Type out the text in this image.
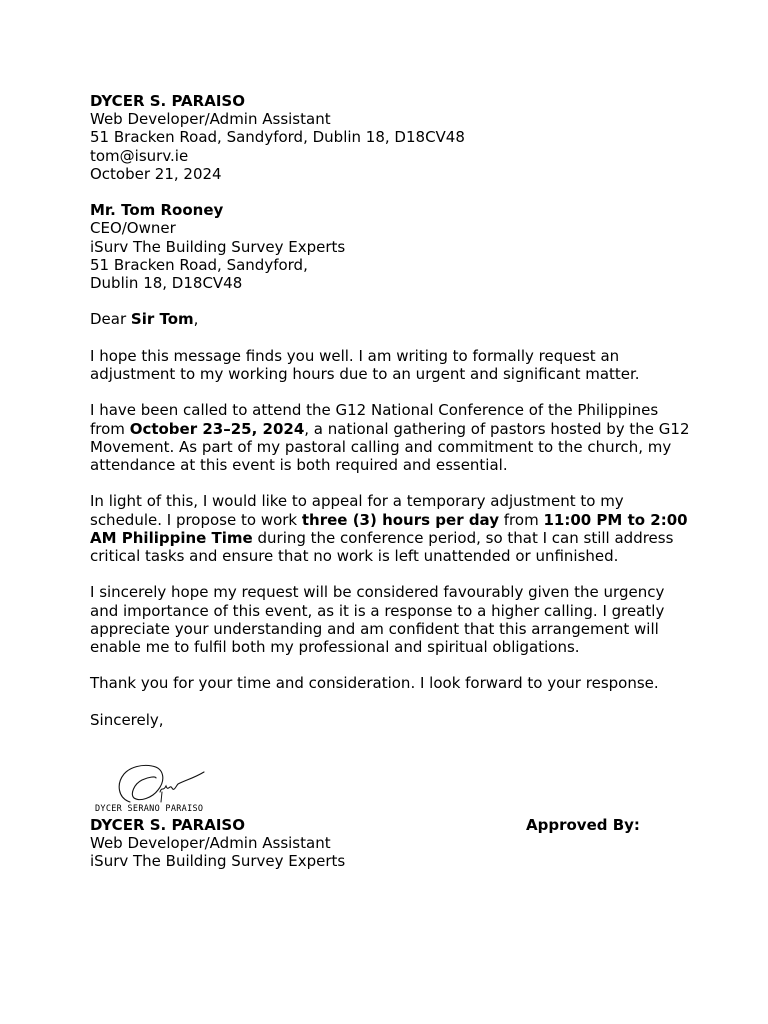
DYCER S. PARAISO
Web Developer/Admin Assistant
51 Bracken Road, Sandyford, Dublin 18, D18CV48
tom@isurv.ie
October 21, 2024
Mr. Tom Rooney
CEO/Owner
iSurv The Building Survey Experts
51 Bracken Road, Sandyford,
Dublin 18, D18CV48
Dear Sir Tom,

I hope this message finds you well. I am writing to formally request an adjustment to my working hours due to an urgent and significant matter.

I have been called to attend the G12 National Conference of the Philippines from October 23–25, 2024, a national gathering of pastors hosted by the G12 Movement. As part of my pastoral calling and commitment to the church, my attendance at this event is both required and essential.

In light of this, I would like to appeal for a temporary adjustment to my schedule. I propose to work three (3) hours per day from 11:00 PM to 2:00 AM Philippine Time during the conference period, so that I can still address critical tasks and ensure that no work is left unattended or unfinished.

I sincerely hope my request will be considered favourably given the urgency and importance of this event, as it is a response to a higher calling. I greatly appreciate your understanding and am confident that this arrangement will enable me to fulfil both my professional and spiritual obligations.

Thank you for your time and consideration. I look forward to your response.

Sincerely,
DYCER SERANO PARAISO
DYCER S. PARAISO
Web Developer/Admin Assistant
iSurv The Building Survey Experts
Approved By:
